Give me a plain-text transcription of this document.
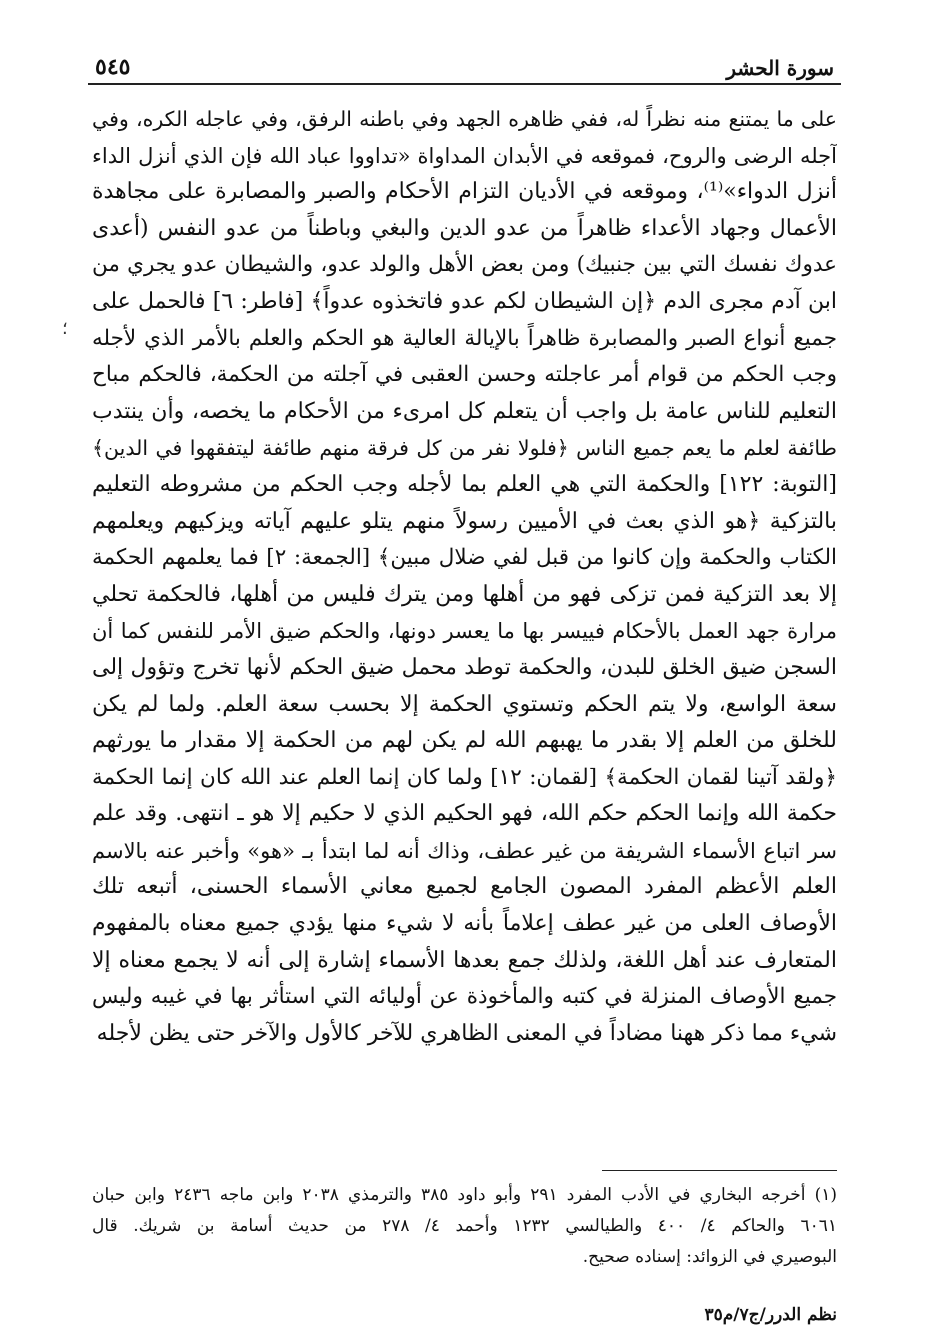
سورة الحشر
٥٤٥
؛
على ما يمتنع منه نظراً له، ففي ظاهره الجهد وفي باطنه الرفق، وفي عاجله الكره، وفي
آجله الرضى والروح، فموقعه في الأبدان المداواة «تداووا عباد الله فإن الذي أنزل الداء
أنزل الدواء»⁽¹⁾، وموقعه في الأديان التزام الأحكام والصبر والمصابرة على مجاهدة
الأعمال وجهاد الأعداء ظاهراً من عدو الدين والبغي وباطناً من عدو النفس (أعدى
عدوك نفسك التي بين جنبيك) ومن بعض الأهل والولد عدو، والشيطان عدو يجري من
ابن آدم مجرى الدم ﴿إن الشيطان لكم عدو فاتخذوه عدواً﴾ [فاطر: ٦] فالحمل على
جميع أنواع الصبر والمصابرة ظاهراً بالإيالة العالية هو الحكم والعلم بالأمر الذي لأجله
وجب الحكم من قوام أمر عاجلته وحسن العقبى في آجلته من الحكمة، فالحكم مباح
التعليم للناس عامة بل واجب أن يتعلم كل امرىء من الأحكام ما يخصه، وأن ينتدب
طائفة لعلم ما يعم جميع الناس ﴿فلولا نفر من كل فرقة منهم طائفة ليتفقهوا في الدين﴾
[التوبة: ١٢٢] والحكمة التي هي العلم بما لأجله وجب الحكم من مشروطه التعليم
بالتزكية ﴿هو الذي بعث في الأميين رسولاً منهم يتلو عليهم آياته ويزكيهم ويعلمهم
الكتاب والحكمة وإن كانوا من قبل لفي ضلال مبين﴾ [الجمعة: ٢] فما يعلمهم الحكمة
إلا بعد التزكية فمن تزكى فهو من أهلها ومن يترك فليس من أهلها، فالحكمة تحلي
مرارة جهد العمل بالأحكام فييسر بها ما يعسر دونها، والحكم ضيق الأمر للنفس كما أن
السجن ضيق الخلق للبدن، والحكمة توطد محمل ضيق الحكم لأنها تخرج وتؤول إلى
سعة الواسع، ولا يتم الحكم وتستوي الحكمة إلا بحسب سعة العلم. ولما لم يكن
للخلق من العلم إلا بقدر ما يهبهم الله لم يكن لهم من الحكمة إلا مقدار ما يورثهم
﴿ولقد آتينا لقمان الحكمة﴾ [لقمان: ١٢] ولما كان إنما العلم عند الله كان إنما الحكمة
حكمة الله وإنما الحكم حكم الله، فهو الحكيم الذي لا حكيم إلا هو ـ انتهى. وقد علم
سر اتباع الأسماء الشريفة من غير عطف، وذاك أنه لما ابتدأ بـ «هو» وأخبر عنه بالاسم
العلم الأعظم المفرد المصون الجامع لجميع معاني الأسماء الحسنى، أتبعه تلك
الأوصاف العلى من غير عطف إعلاماً بأنه لا شيء منها يؤدي جميع معناه بالمفهوم
المتعارف عند أهل اللغة، ولذلك جمع بعدها الأسماء إشارة إلى أنه لا يجمع معناه إلا
جميع الأوصاف المنزلة في كتبه والمأخوذة عن أوليائه التي استأثر بها في غيبه وليس
شيء مما ذكر ههنا مضاداً في المعنى الظاهري للآخر كالأول والآخر حتى يظن لأجله
(١) أخرجه البخاري في الأدب المفرد ٢٩١ وأبو داود ٣٨٥ والترمذي ٢٠٣٨ وابن ماجه ٢٤٣٦ وابن حبان
٦٠٦١ والحاكم ٤/ ٤٠٠ والطيالسي ١٢٣٢ وأحمد ٤/ ٢٧٨ من حديث أسامة بن شريك. قال
البوصيري في الزوائد: إسناده صحيح.
نظم الدرر/ج٧/م٣٥
